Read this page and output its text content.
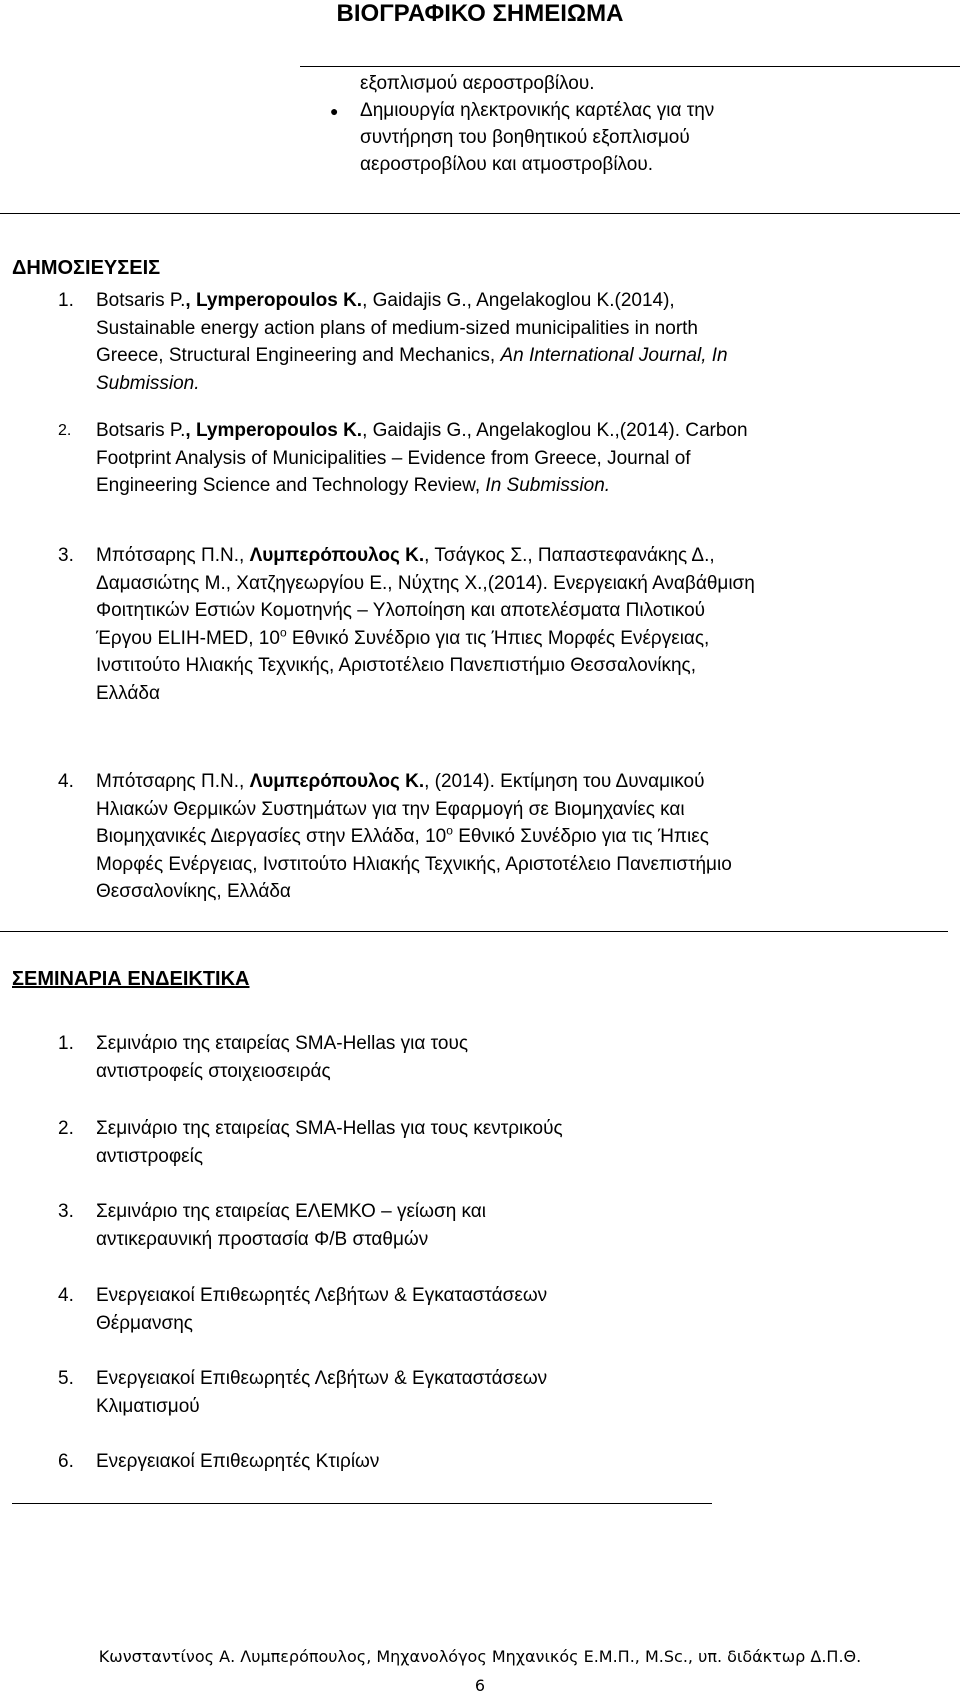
ΒΙΟΓΡΑΦΙΚΟ ΣΗΜΕΙΩΜΑ

εξοπλισμού αεροστροβίλου.

● Δημιουργία ηλεκτρονικής καρτέλας για την

συντήρηση του βοηθητικού εξοπλισμού

αεροστροβίλου και ατμοστροβίλου.

ΔΗΜΟΣΙΕΥΣΕΙΣ
1. Botsaris P., Lymperopoulos K., Gaidajis G., Angelakoglou K.(2014),

Sustainable energy action plans of medium-sized municipalities in north

Greece, Structural Engineering and Mechanics, An International Journal, In

Submission.

2. Botsaris P., Lymperopoulos K., Gaidajis G., Angelakoglou K.,(2014). Carbon

Footprint Analysis of Municipalities – Evidence from Greece, Journal of

Engineering Science and Technology Review, In Submission.

3. Μπότσαρης Π.Ν., Λυμπερόπουλος Κ., Τσάγκος Σ., Παπαστεφανάκης Δ.,

Δαμασιώτης Μ., Χατζηγεωργίου Ε., Νύχτης Χ.,(2014). Ενεργειακή Αναβάθμιση

Φοιτητικών Εστιών Κομοτηνής – Υλοποίηση και αποτελέσματα Πιλοτικού

Έργου ELIH-MED, $10^o$ Εθνικό Συνέδριο για τις Ήπιες Μορφές Ενέργειας,

Ινστιτούτο Ηλιακής Τεχνικής, Αριστοτέλειο Πανεπιστήμιο Θεσσαλονίκης,

Ελλάδα

4. Μπότσαρης Π.Ν., Λυμπερόπουλος Κ., (2014). Εκτίμηση του Δυναμικού

Ηλιακών Θερμικών Συστημάτων για την Εφαρμογή σε Βιομηχανίες και

Βιομηχανικές Διεργασίες στην Ελλάδα, $10^o$ Εθνικό Συνέδριο για τις Ήπιες

Μορφές Ενέργειας, Ινστιτούτο Ηλιακής Τεχνικής, Αριστοτέλειο Πανεπιστήμιο

Θεσσαλονίκης, Ελλάδα

ΣΕΜΙΝΑΡΙΑ ΕΝΔΕΙΚΤΙΚΑ
1. Σεμινάριο της εταιρείας SMA-Hellas για τους

αντιστροφείς στοιχειοσειράς

2. Σεμινάριο της εταιρείας SMA-Hellas για τους κεντρικούς

αντιστροφείς

3. Σεμινάριο της εταιρείας ΕΛΕΜΚΟ – γείωση και

αντικεραυνική προστασία Φ/Β σταθμών

4. Ενεργειακοί Επιθεωρητές Λεβήτων & Εγκαταστάσεων

Θέρμανσης

5. Ενεργειακοί Επιθεωρητές Λεβήτων & Εγκαταστάσεων

Κλιματισμού

6. Ενεργειακοί Επιθεωρητές Κτιρίων

Κωνσταντίνος Α. Λυμπερόπουλος, Μηχανολόγος Μηχανικός Ε.Μ.Π., M.Sc., υπ. διδάκτωρ Δ.Π.Θ.
6
